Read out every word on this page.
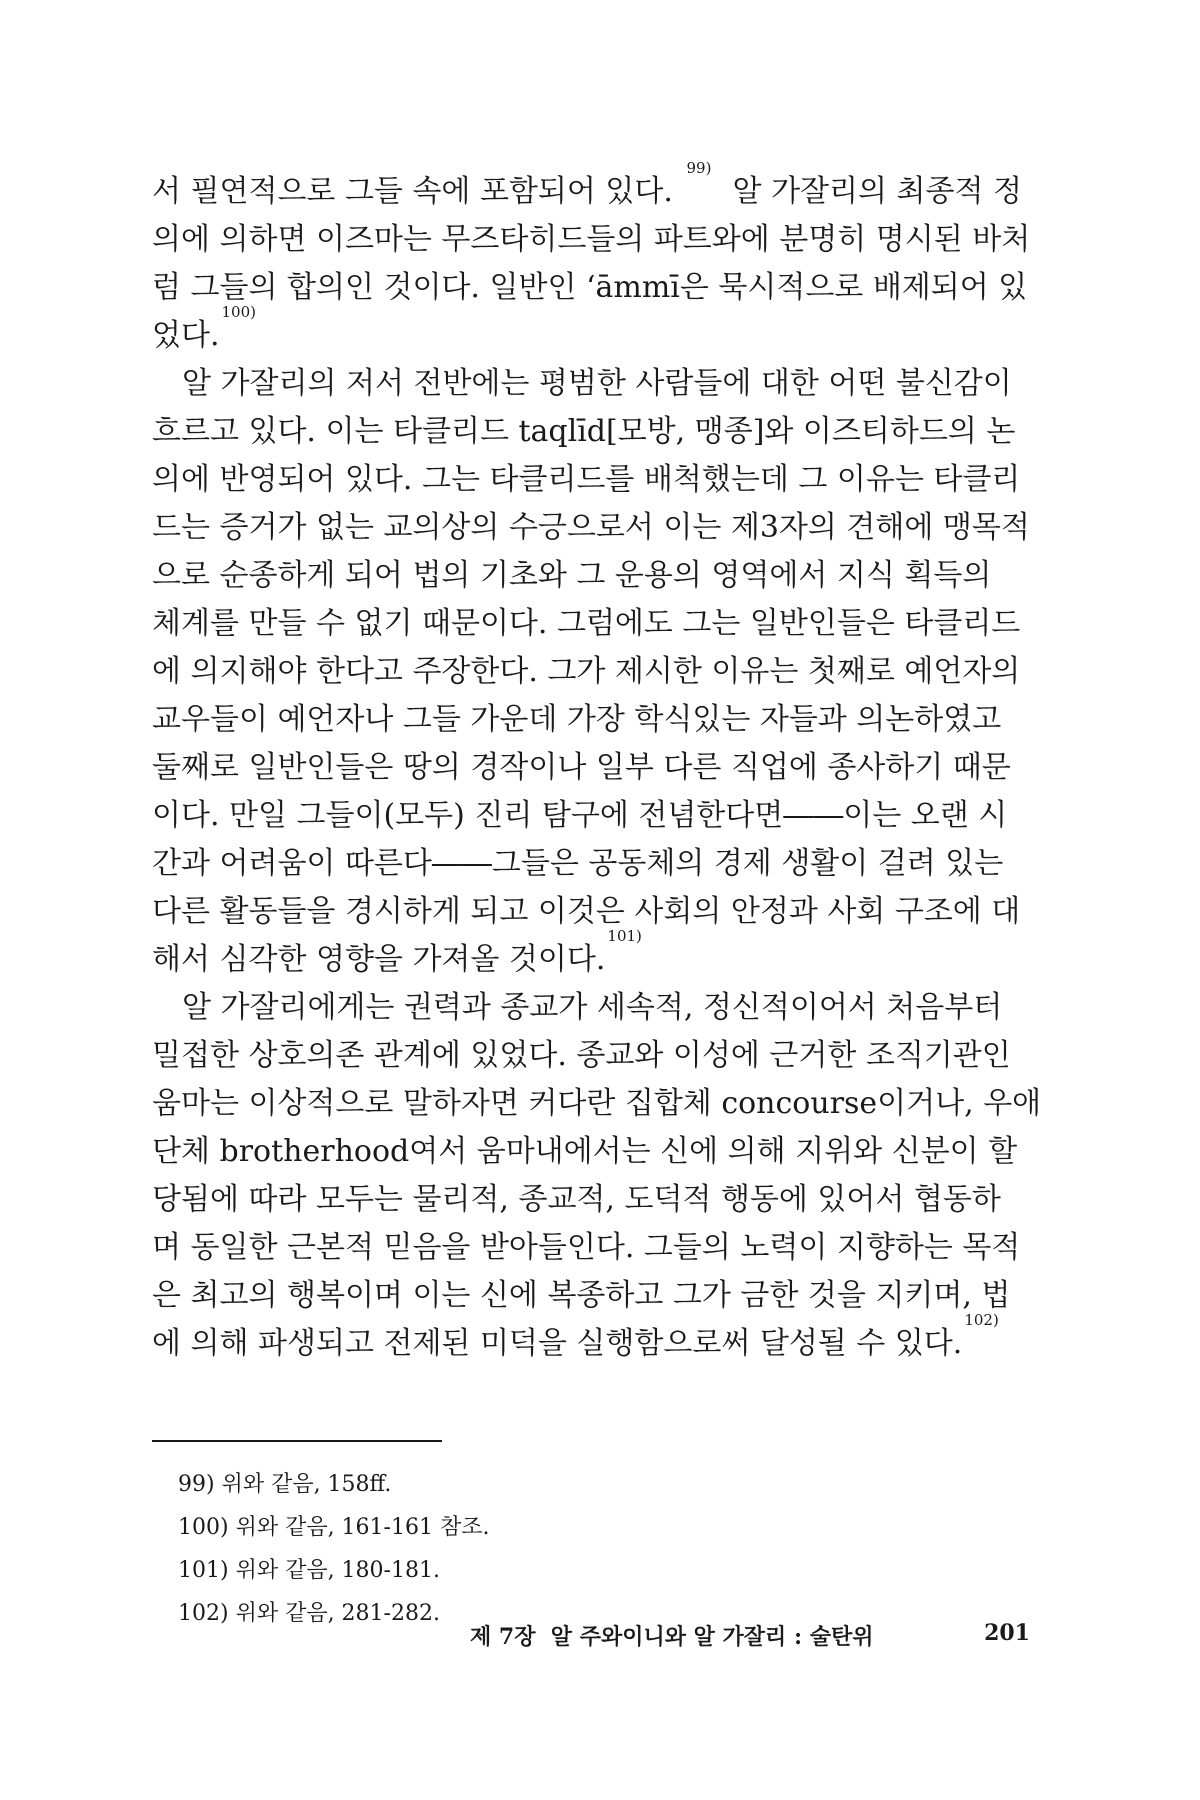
서 필연적으로 그들 속에 포함되어 있다.
99)
알 가잘리의 최종적 정
의에 의하면 이즈마는 무즈타히드들의 파트와에 분명히 명시된 바처
럼 그들의 합의인 것이다. 일반인 ‘āmmī은 묵시적으로 배제되어 있
었다.
100)
알 가잘리의 저서 전반에는 평범한 사람들에 대한 어떤 불신감이
흐르고 있다. 이는 타클리드 taqlīd[모방, 맹종]와 이즈티하드의 논
의에 반영되어 있다. 그는 타클리드를 배척했는데 그 이유는 타클리
드는 증거가 없는 교의상의 수긍으로서 이는 제3자의 견해에 맹목적
으로 순종하게 되어 법의 기초와 그 운용의 영역에서 지식 획득의
체계를 만들 수 없기 때문이다. 그럼에도 그는 일반인들은 타클리드
에 의지해야 한다고 주장한다. 그가 제시한 이유는 첫째로 예언자의
교우들이 예언자나 그들 가운데 가장 학식있는 자들과 의논하였고
둘째로 일반인들은 땅의 경작이나 일부 다른 직업에 종사하기 때문
이다. 만일 그들이(모두) 진리 탐구에 전념한다면――이는 오랜 시
간과 어려움이 따른다――그들은 공동체의 경제 생활이 걸려 있는
다른 활동들을 경시하게 되고 이것은 사회의 안정과 사회 구조에 대
해서 심각한 영향을 가져올 것이다.
101)
알 가잘리에게는 권력과 종교가 세속적, 정신적이어서 처음부터
밀접한 상호의존 관계에 있었다. 종교와 이성에 근거한 조직기관인
움마는 이상적으로 말하자면 커다란 집합체 concourse이거나, 우애
단체 brotherhood여서 움마내에서는 신에 의해 지위와 신분이 할
당됨에 따라 모두는 물리적, 종교적, 도덕적 행동에 있어서 협동하
며 동일한 근본적 믿음을 받아들인다. 그들의 노력이 지향하는 목적
은 최고의 행복이며 이는 신에 복종하고 그가 금한 것을 지키며, 법
에 의해 파생되고 전제된 미덕을 실행함으로써 달성될 수 있다.
102)
99) 위와 같음, 158ff.
100) 위와 같음, 161-161 참조.
101) 위와 같음, 180-181.
102) 위와 같음, 281-282.
제 7장  알 주와이니와 알 가잘리 : 술탄위	201
